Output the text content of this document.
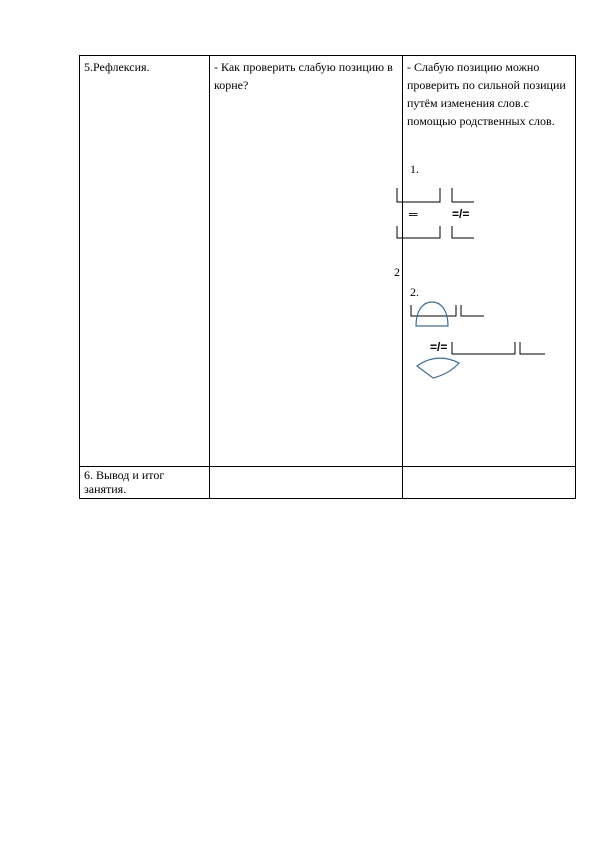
5.Рефлексия.	- Как проверить слабую позицию в корне?	- Слабую позицию можно проверить по сильной позиции путём изменения слов.с помощью родственных слов.

6. Вывод и итог занятия.		

1.
═	=/=
2
2.
=/=
